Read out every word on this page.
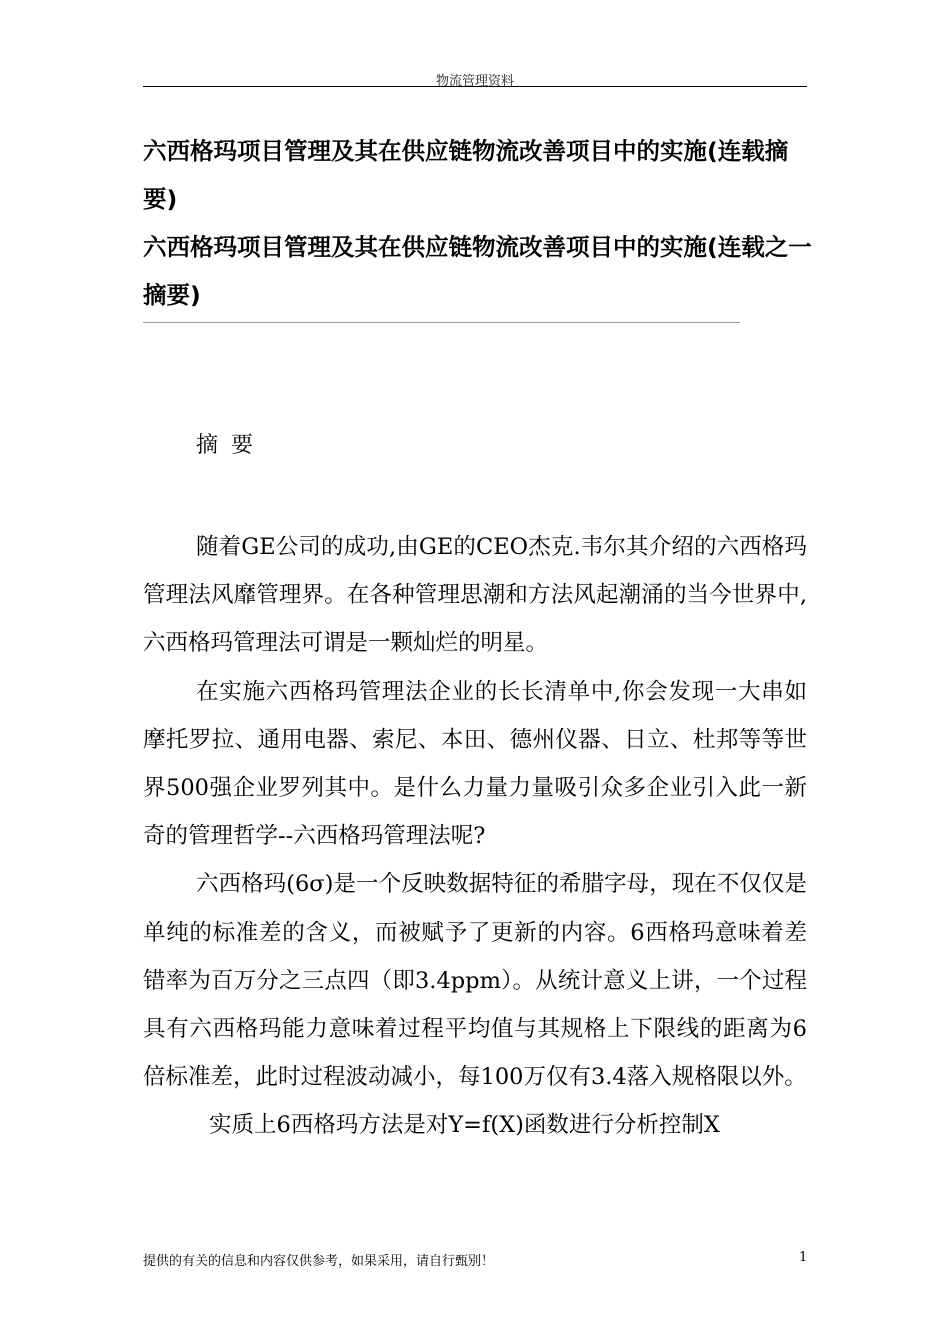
物流管理资料
六西格玛项目管理及其在供应链物流改善项目中的实施(连载摘要)
六西格玛项目管理及其在供应链物流改善项目中的实施(连载之一摘要)
摘要

随着GE公司的成功,由GE的CEO杰克.韦尔其介绍的六西格玛管理法风靡管理界。在各种管理思潮和方法风起潮涌的当今世界中, 六西格玛管理法可谓是一颗灿烂的明星。

在实施六西格玛管理法企业的长长清单中,你会发现一大串如摩托罗拉、通用电器、索尼、本田、德州仪器、日立、杜邦等等世界500强企业罗列其中。是什么力量力量吸引众多企业引入此一新奇的管理哲学--六西格玛管理法呢?

六西格玛(6σ)是一个反映数据特征的希腊字母，现在不仅仅是单纯的标准差的含义，而被赋予了更新的内容。6西格玛意味着差错率为百万分之三点四（即3.4ppm）。从统计意义上讲，一个过程具有六西格玛能力意味着过程平均值与其规格上下限线的距离为6倍标准差，此时过程波动减小，每100万仅有3.4落入规格限以外。

实质上6西格玛方法是对Y=f(X)函数进行分析控制X

提供的有关的信息和内容仅供参考，如果采用，请自行甄别！	1
